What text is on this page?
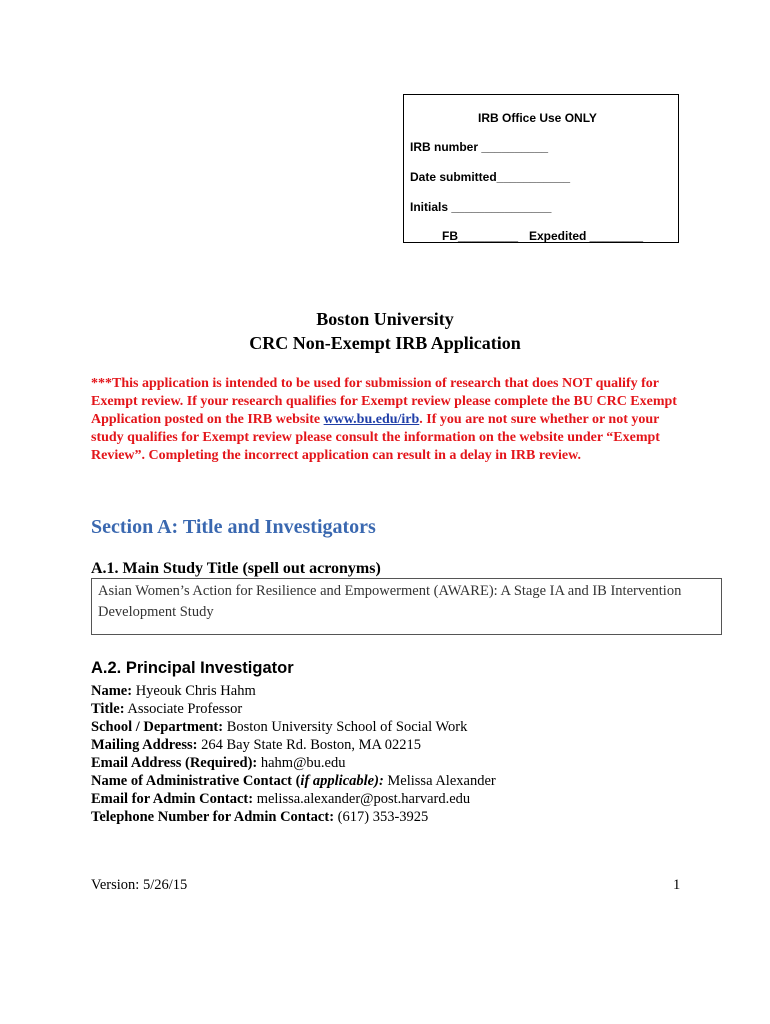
IRB Office Use ONLY
IRB number __________
Date submitted___________
Initials _______________
FB_________ Expedited ________
Boston University
CRC Non-Exempt IRB Application
***This application is intended to be used for submission of research that does NOT qualify for Exempt review. If your research qualifies for Exempt review please complete the BU CRC Exempt Application posted on the IRB website www.bu.edu/irb. If you are not sure whether or not your study qualifies for Exempt review please consult the information on the website under “Exempt Review”. Completing the incorrect application can result in a delay in IRB review.
Section A: Title and Investigators
A.1. Main Study Title (spell out acronyms)
Asian Women’s Action for Resilience and Empowerment (AWARE): A Stage IA and IB Intervention Development Study
A.2. Principal Investigator
Name: Hyeouk Chris Hahm
Title: Associate Professor
School / Department: Boston University School of Social Work
Mailing Address: 264 Bay State Rd. Boston, MA 02215
Email Address (Required): hahm@bu.edu
Name of Administrative Contact (if applicable): Melissa Alexander
Email for Admin Contact: melissa.alexander@post.harvard.edu
Telephone Number for Admin Contact: (617) 353-3925
Version: 5/26/15	1
